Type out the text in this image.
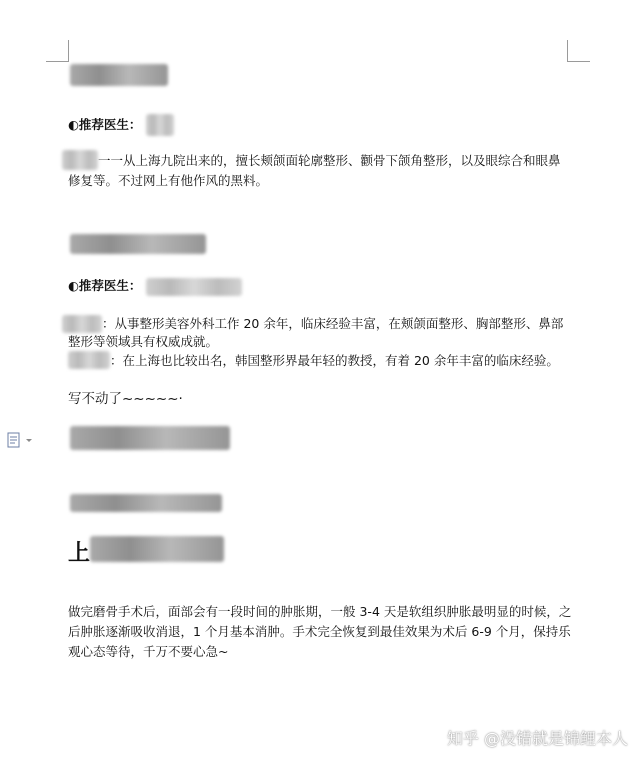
◐推荐医生：
一一从上海九院出来的，擅长颊颌面轮廓整形、颧骨下颌角整形，以及眼综合和眼鼻
修复等。不过网上有他作风的黑料。
◐推荐医生：
：从事整形美容外科工作 20 余年，临床经验丰富，在颊颌面整形、胸部整形、鼻部
整形等领域具有权威成就。
：在上海也比较出名，韩国整形界最年轻的教授，有着 20 余年丰富的临床经验。
写不动了~~~~~·
上
做完磨骨手术后，面部会有一段时间的肿胀期，一般 3-4 天是软组织肿胀最明显的时候，之
后肿胀逐渐吸收消退，1 个月基本消肿。手术完全恢复到最佳效果为术后 6-9 个月，保持乐
观心态等待，千万不要心急~
知乎 @没错就是锦鲤本人
